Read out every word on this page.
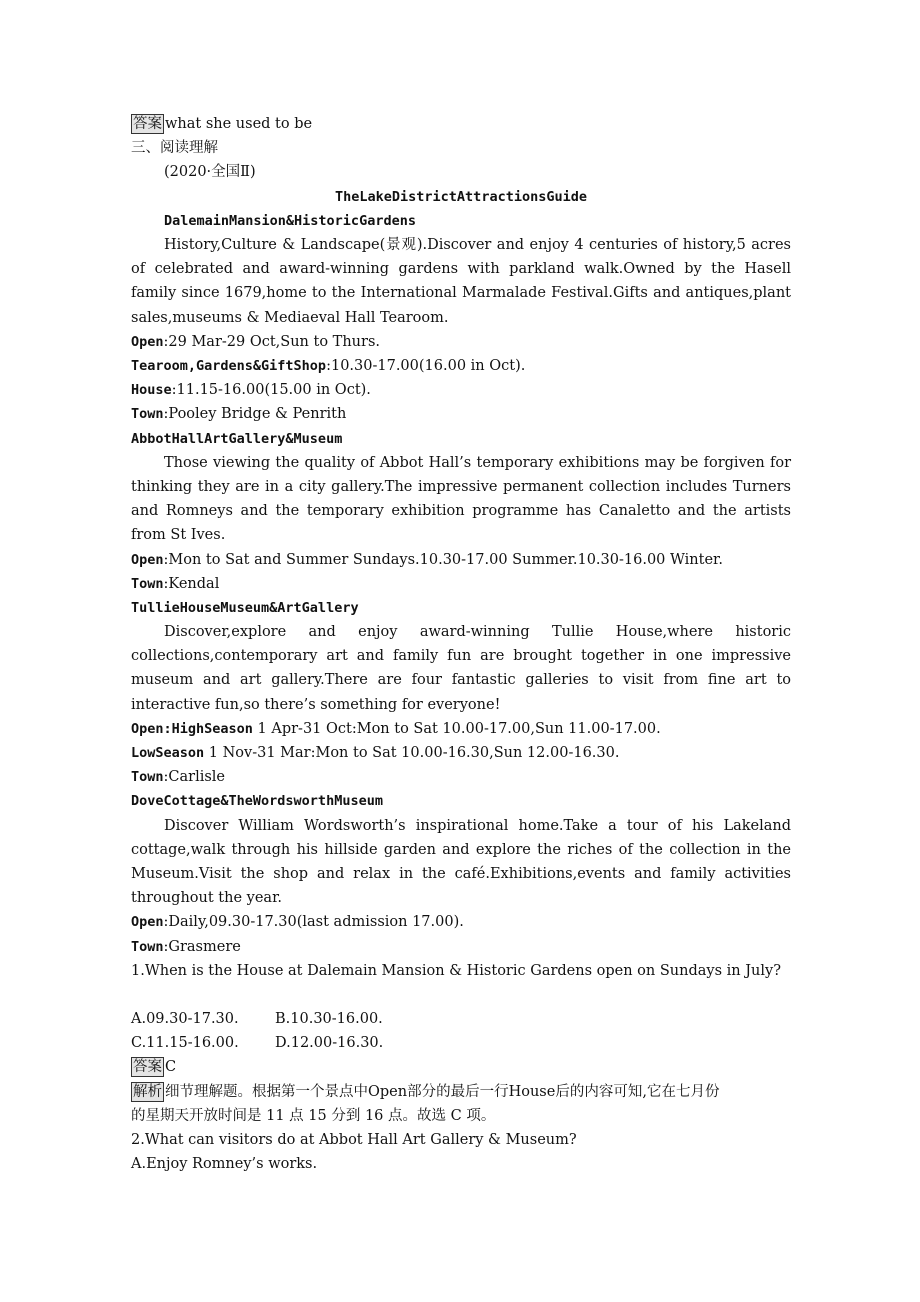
答案 what she used to be
三、阅读理解
(2020·全国Ⅱ)
TheLakeDistrictAttractionsGuide
DalemainMansion&HistoricGardens
History,Culture & Landscape(景观).Discover and enjoy 4 centuries of history,5 acres of celebrated and award-winning gardens with parkland walk.Owned by the Hasell family since 1679,home to the International Marmalade Festival.Gifts and antiques,plant sales,museums & Mediaeval Hall Tearoom.
Open:29 Mar-29 Oct,Sun to Thurs.
Tearoom,Gardens&GiftShop:10.30-17.00(16.00 in Oct).
House:11.15-16.00(15.00 in Oct).
Town:Pooley Bridge & Penrith
AbbotHallArtGallery&Museum
Those viewing the quality of Abbot Hall’s temporary exhibitions may be forgiven for thinking they are in a city gallery.The impressive permanent collection includes Turners and Romneys and the temporary exhibition programme has Canaletto and the artists from St Ives.
Open:Mon to Sat and Summer Sundays.10.30-17.00 Summer.10.30-16.00 Winter.
Town:Kendal
TullieHouseMuseum&ArtGallery
Discover,explore and enjoy award-winning Tullie House,where historic collections,contemporary art and family fun are brought together in one impressive museum and art gallery.There are four fantastic galleries to visit from fine art to interactive fun,so there’s something for everyone!
Open:HighSeason 1 Apr-31 Oct:Mon to Sat 10.00-17.00,Sun 11.00-17.00.
LowSeason 1 Nov-31 Mar:Mon to Sat 10.00-16.30,Sun 12.00-16.30.
Town:Carlisle
DoveCottage&TheWordsworthMuseum
Discover William Wordsworth’s inspirational home.Take a tour of his Lakeland cottage,walk through his hillside garden and explore the riches of the collection in the Museum.Visit the shop and relax in the café.Exhibitions,events and family activities throughout the year.
Open:Daily,09.30-17.30(last admission 17.00).
Town:Grasmere
1.When is the House at Dalemain Mansion & Historic Gardens open on Sundays in July?
A.09.30-17.30.	B.10.30-16.00.
C.11.15-16.00.	D.12.00-16.30.
答案 C
解析 细节理解题。根据第一个景点中Open部分的最后一行House后的内容可知,它在七月份
的星期天开放时间是 11 点 15 分到 16 点。故选 C 项。
2.What can visitors do at Abbot Hall Art Gallery & Museum?
A.Enjoy Romney’s works.
